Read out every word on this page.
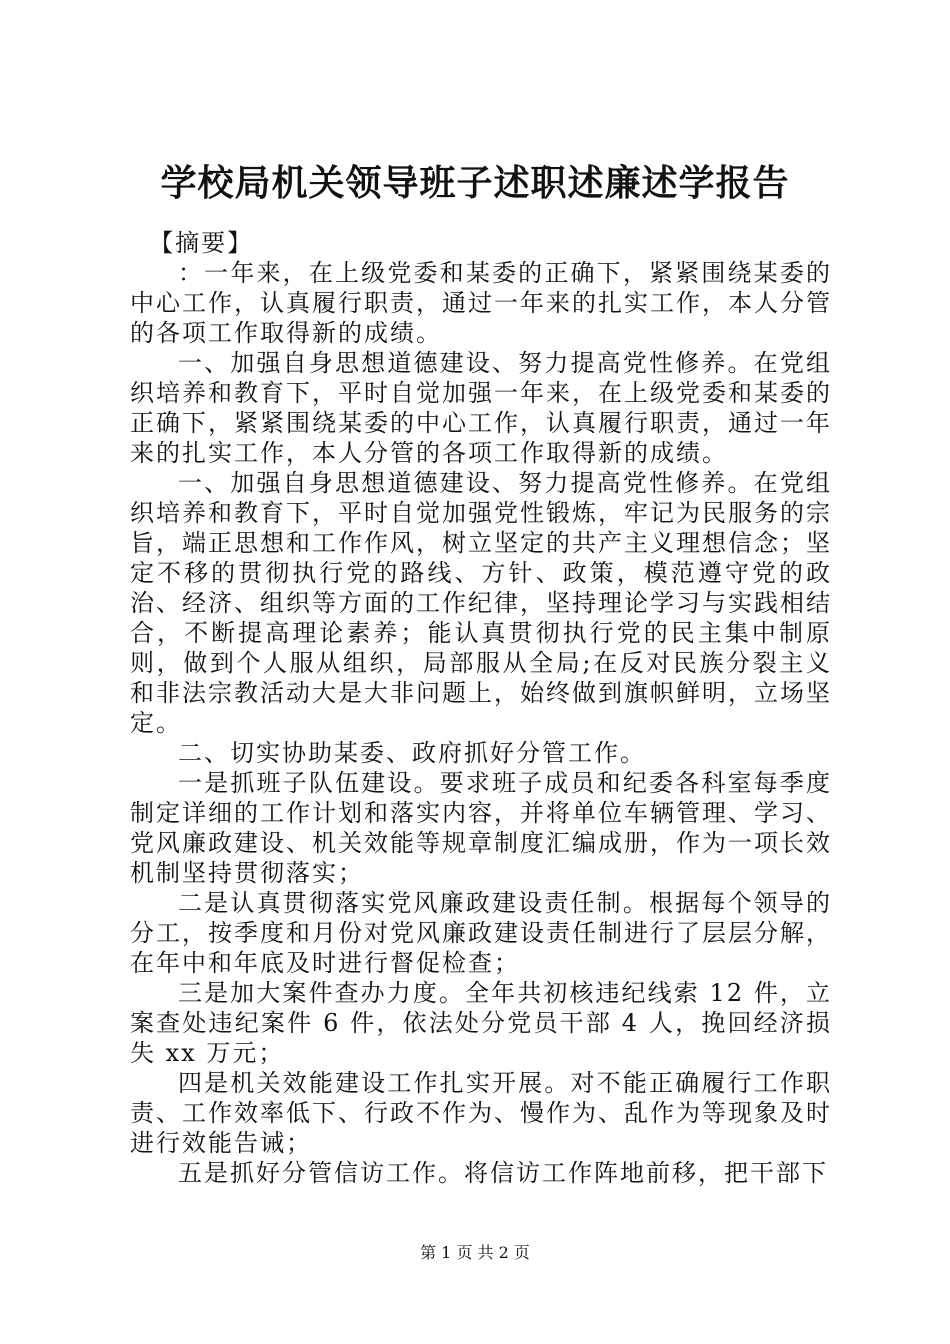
学校局机关领导班子述职述廉述学报告

【摘要】

：一年来，在上级党委和某委的正确下，紧紧围绕某委的中心工作，认真履行职责，通过一年来的扎实工作，本人分管的各项工作取得新的成绩。

一、加强自身思想道德建设、努力提高党性修养。在党组织培养和教育下，平时自觉加强一年来，在上级党委和某委的正确下，紧紧围绕某委的中心工作，认真履行职责，通过一年来的扎实工作，本人分管的各项工作取得新的成绩。

一、加强自身思想道德建设、努力提高党性修养。在党组织培养和教育下，平时自觉加强党性锻炼，牢记为民服务的宗旨，端正思想和工作作风，树立坚定的共产主义理想信念；坚定不移的贯彻执行党的路线、方针、政策，模范遵守党的政治、经济、组织等方面的工作纪律，坚持理论学习与实践相结合，不断提高理论素养；能认真贯彻执行党的民主集中制原则，做到个人服从组织，局部服从全局;在反对民族分裂主义和非法宗教活动大是大非问题上，始终做到旗帜鲜明，立场坚定。

二、切实协助某委、政府抓好分管工作。

一是抓班子队伍建设。要求班子成员和纪委各科室每季度制定详细的工作计划和落实内容，并将单位车辆管理、学习、党风廉政建设、机关效能等规章制度汇编成册，作为一项长效机制坚持贯彻落实；

二是认真贯彻落实党风廉政建设责任制。根据每个领导的分工，按季度和月份对党风廉政建设责任制进行了层层分解，在年中和年底及时进行督促检查；

三是加大案件查办力度。全年共初核违纪线索 12 件，立案查处违纪案件 6 件，依法处分党员干部 4 人，挽回经济损失 xx 万元；

四是机关效能建设工作扎实开展。对不能正确履行工作职责、工作效率低下、行政不作为、慢作为、乱作为等现象及时进行效能告诫；

五是抓好分管信访工作。将信访工作阵地前移，把干部下

第 1 页 共 2 页
